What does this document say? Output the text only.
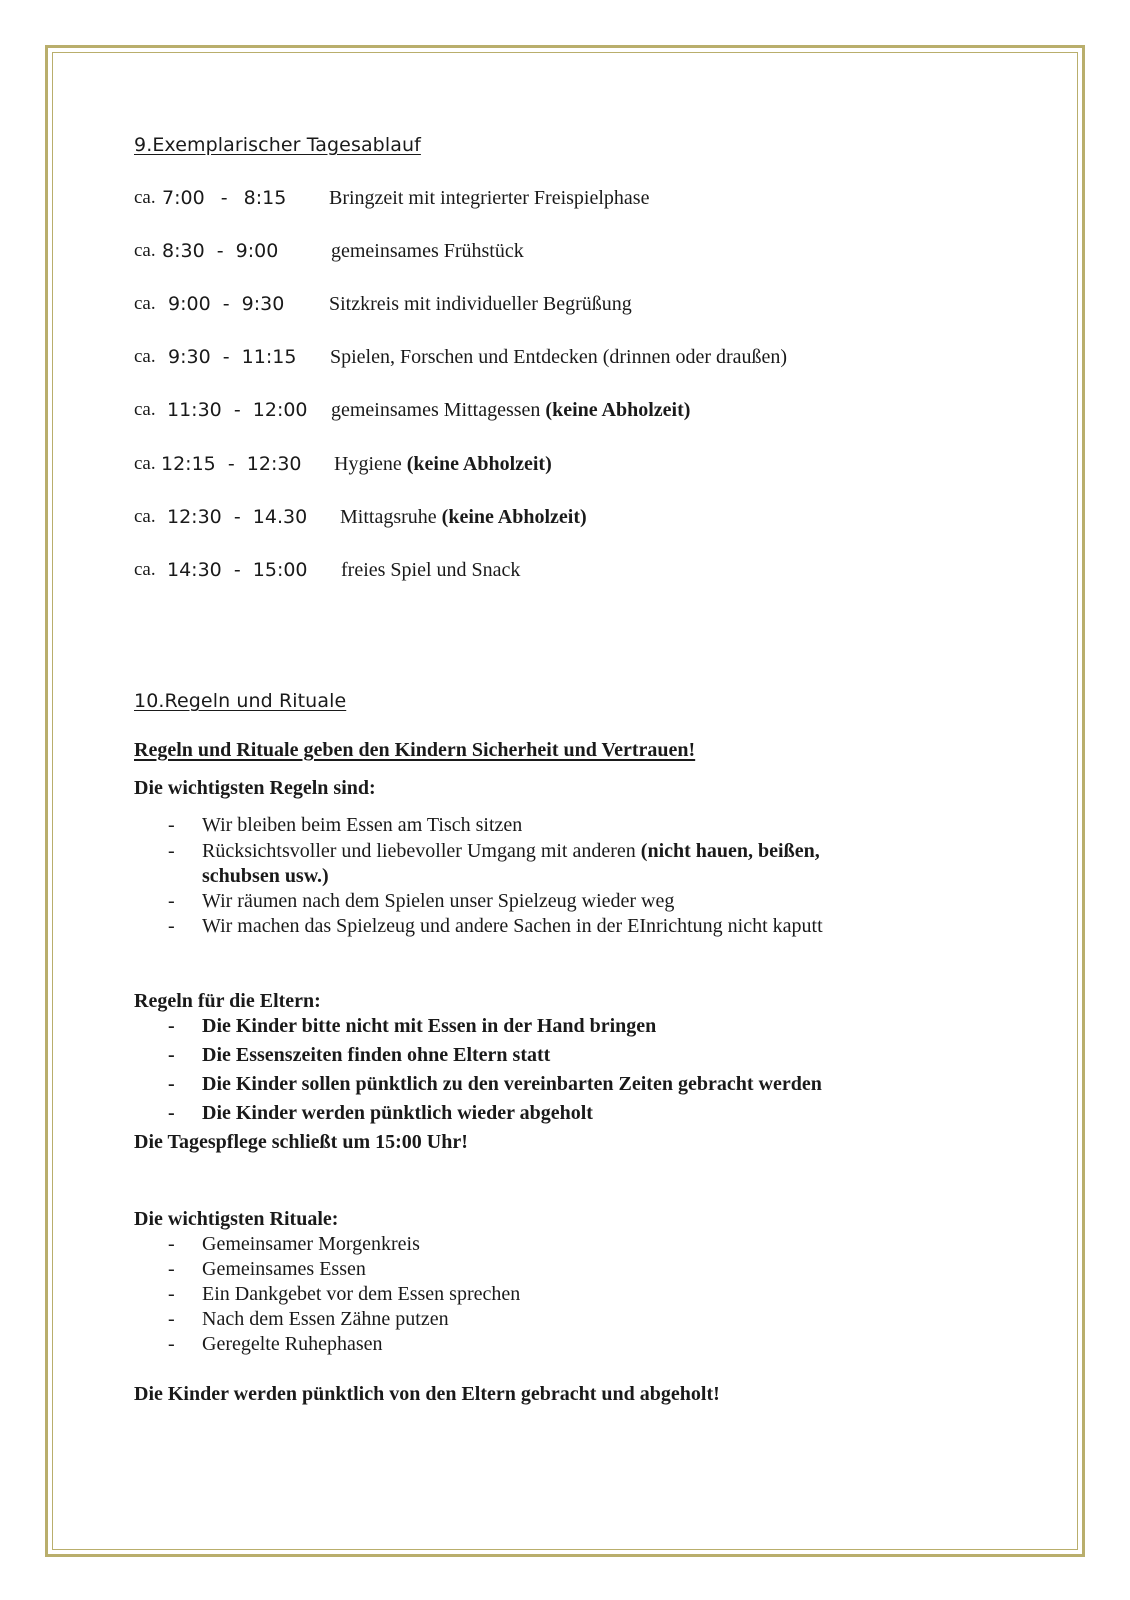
9.Exemplarischer Tagesablauf
ca. 7:00  -  8:15 Bringzeit mit integrierter Freispielphase
ca. 8:30  -  9:00	gemeinsames Frühstück
ca. 9:00  -  9:30 Sitzkreis mit individueller Begrüßung
ca. 9:30  -  11:15 Spielen, Forschen und Entdecken (drinnen oder draußen)
ca. 11:30  -  12:00 gemeinsames Mittagessen (keine Abholzeit)
ca. 12:15  -  12:30 Hygiene (keine Abholzeit)
ca. 12:30  -  14.30 Mittagsruhe (keine Abholzeit)
ca. 14:30  -  15:00 freies Spiel und Snack
10.Regeln und Rituale
Regeln und Rituale geben den Kindern Sicherheit und Vertrauen!
Die wichtigsten Regeln sind:
- Wir bleiben beim Essen am Tisch sitzen
- Rücksichtsvoller und liebevoller Umgang mit anderen (nicht hauen, beißen,
schubsen usw.)
- Wir räumen nach dem Spielen unser Spielzeug wieder weg
- Wir machen das Spielzeug und andere Sachen in der EInrichtung nicht kaputt
Regeln für die Eltern:
- Die Kinder bitte nicht mit Essen in der Hand bringen
- Die Essenszeiten finden ohne Eltern statt
- Die Kinder sollen pünktlich zu den vereinbarten Zeiten gebracht werden
- Die Kinder werden pünktlich wieder abgeholt
Die Tagespflege schließt um 15:00 Uhr!
Die wichtigsten Rituale:
- Gemeinsamer Morgenkreis
- Gemeinsames Essen
- Ein Dankgebet vor dem Essen sprechen
- Nach dem Essen Zähne putzen
- Geregelte Ruhephasen
Die Kinder werden pünktlich von den Eltern gebracht und abgeholt!
